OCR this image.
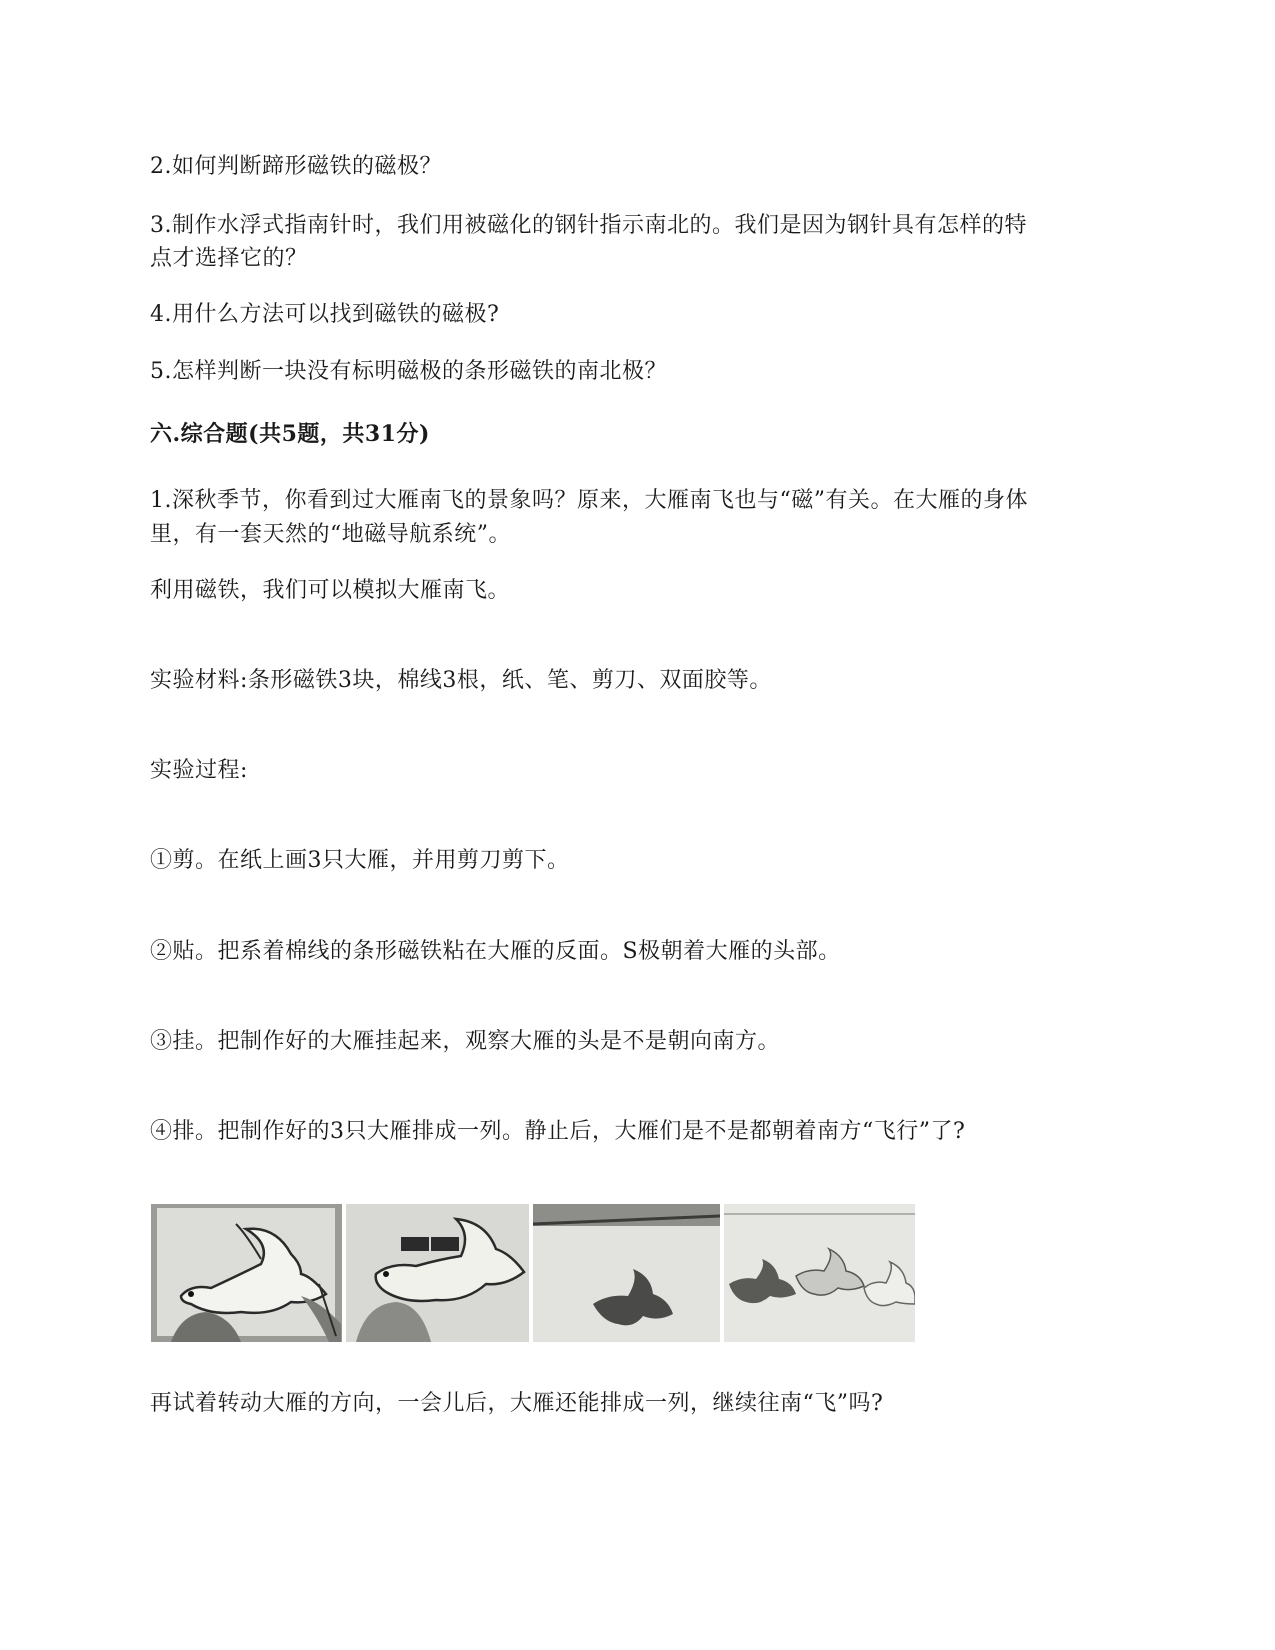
2.如何判断蹄形磁铁的磁极？
3.制作水浮式指南针时，我们用被磁化的钢针指示南北的。我们是因为钢针具有怎样的特
点才选择它的？
4.用什么方法可以找到磁铁的磁极?
5.怎样判断一块没有标明磁极的条形磁铁的南北极？
六.综合题(共5题，共31分)
1.深秋季节，你看到过大雁南飞的景象吗？原来，大雁南飞也与“磁”有关。在大雁的身体
里，有一套天然的“地磁导航系统”。
利用磁铁，我们可以模拟大雁南飞。
实验材料:条形磁铁3块，棉线3根，纸、笔、剪刀、双面胶等。
实验过程:
①剪。在纸上画3只大雁，并用剪刀剪下。
②贴。把系着棉线的条形磁铁粘在大雁的反面。S极朝着大雁的头部。
③挂。把制作好的大雁挂起来，观察大雁的头是不是朝向南方。
④排。把制作好的3只大雁排成一列。静止后，大雁们是不是都朝着南方“飞行”了?
再试着转动大雁的方向，一会儿后，大雁还能排成一列，继续往南“飞”吗?
